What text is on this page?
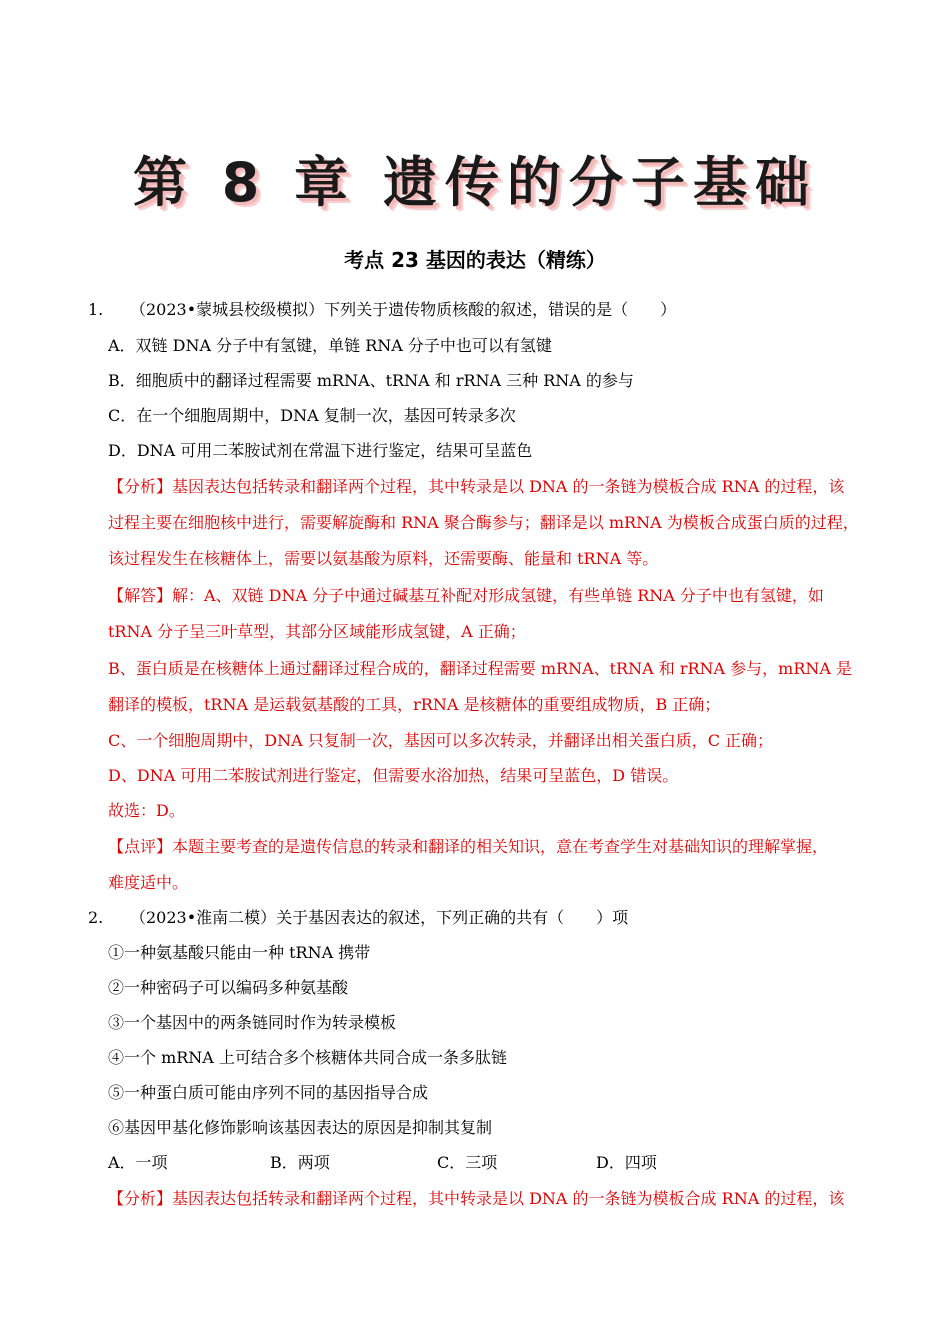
第 8 章 遗传的分子基础
考点 23 基因的表达（精练）
1. （2023•蒙城县校级模拟）下列关于遗传物质核酸的叙述，错误的是（　　）
A．双链 DNA 分子中有氢键，单链 RNA 分子中也可以有氢键
B．细胞质中的翻译过程需要 mRNA、tRNA 和 rRNA 三种 RNA 的参与
C．在一个细胞周期中，DNA 复制一次，基因可转录多次
D．DNA 可用二苯胺试剂在常温下进行鉴定，结果可呈蓝色
【分析】基因表达包括转录和翻译两个过程，其中转录是以 DNA 的一条链为模板合成 RNA 的过程，该
过程主要在细胞核中进行，需要解旋酶和 RNA 聚合酶参与；翻译是以 mRNA 为模板合成蛋白质的过程，
该过程发生在核糖体上，需要以氨基酸为原料，还需要酶、能量和 tRNA 等。
【解答】解：A、双链 DNA 分子中通过碱基互补配对形成氢键，有些单链 RNA 分子中也有氢键，如
tRNA 分子呈三叶草型，其部分区域能形成氢键，A 正确；
B、蛋白质是在核糖体上通过翻译过程合成的，翻译过程需要 mRNA、tRNA 和 rRNA 参与，mRNA 是
翻译的模板，tRNA 是运载氨基酸的工具，rRNA 是核糖体的重要组成物质，B 正确；
C、一个细胞周期中，DNA 只复制一次，基因可以多次转录，并翻译出相关蛋白质，C 正确；
D、DNA 可用二苯胺试剂进行鉴定，但需要水浴加热，结果可呈蓝色，D 错误。
故选：D。
【点评】本题主要考查的是遗传信息的转录和翻译的相关知识，意在考查学生对基础知识的理解掌握，
难度适中。
2. （2023•淮南二模）关于基因表达的叙述，下列正确的共有（　　）项
①一种氨基酸只能由一种 tRNA 携带
②一种密码子可以编码多种氨基酸
③一个基因中的两条链同时作为转录模板
④一个 mRNA 上可结合多个核糖体共同合成一条多肽链
⑤一种蛋白质可能由序列不同的基因指导合成
⑥基因甲基化修饰影响该基因表达的原因是抑制其复制
A．一项	B．两项	C．三项	D．四项
【分析】基因表达包括转录和翻译两个过程，其中转录是以 DNA 的一条链为模板合成 RNA 的过程，该
